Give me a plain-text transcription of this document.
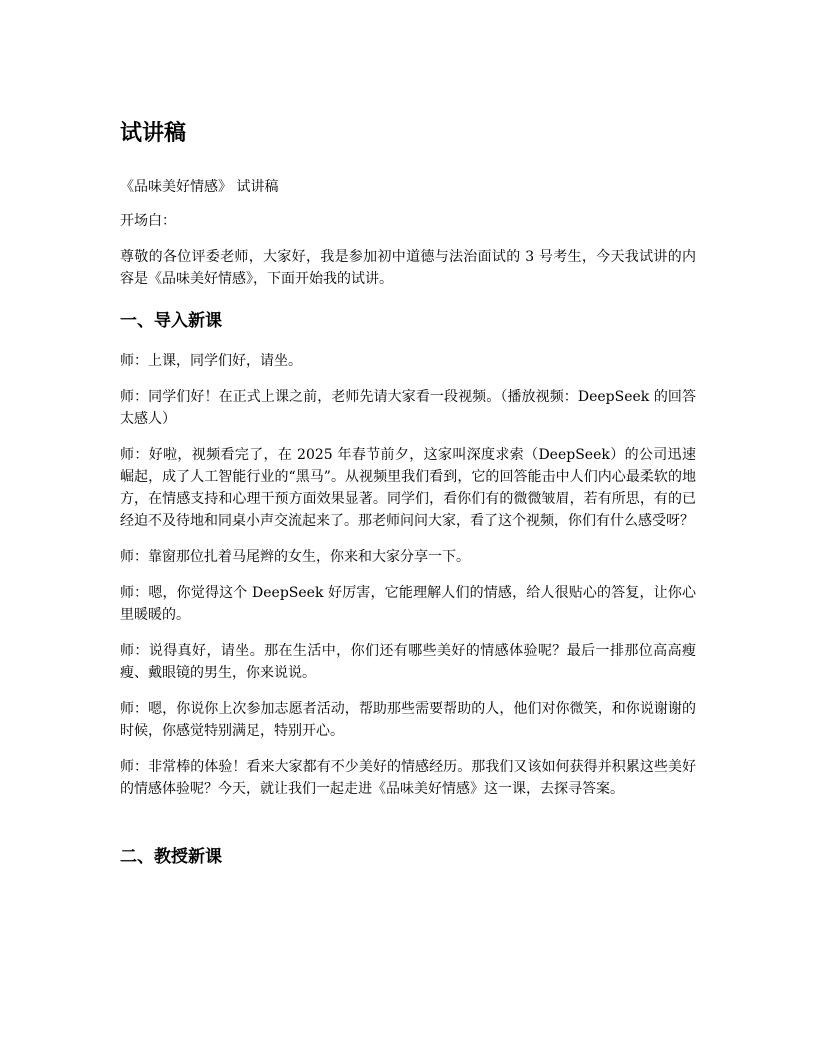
试讲稿

《品味美好情感》 试讲稿

开场白：

尊敬的各位评委老师，大家好，我是参加初中道德与法治面试的 3 号考生，今天我试讲的内容是《品味美好情感》，下面开始我的试讲。

一、导入新课

师：上课，同学们好，请坐。

师：同学们好！在正式上课之前，老师先请大家看一段视频。（播放视频：DeepSeek 的回答太感人）

师：好啦，视频看完了，在 2025 年春节前夕，这家叫深度求索（DeepSeek）的公司迅速崛起，成了人工智能行业的“黑马”。从视频里我们看到，它的回答能击中人们内心最柔软的地方，在情感支持和心理干预方面效果显著。同学们，看你们有的微微皱眉，若有所思，有的已经迫不及待地和同桌小声交流起来了。那老师问问大家，看了这个视频，你们有什么感受呀？

师：靠窗那位扎着马尾辫的女生，你来和大家分享一下。

师：嗯，你觉得这个 DeepSeek 好厉害，它能理解人们的情感，给人很贴心的答复，让你心里暖暖的。

师：说得真好，请坐。那在生活中，你们还有哪些美好的情感体验呢？最后一排那位高高瘦瘦、戴眼镜的男生，你来说说。

师：嗯，你说你上次参加志愿者活动，帮助那些需要帮助的人，他们对你微笑，和你说谢谢的时候，你感觉特别满足，特别开心。

师：非常棒的体验！看来大家都有不少美好的情感经历。那我们又该如何获得并积累这些美好的情感体验呢？今天，就让我们一起走进《品味美好情感》这一课，去探寻答案。

二、教授新课
